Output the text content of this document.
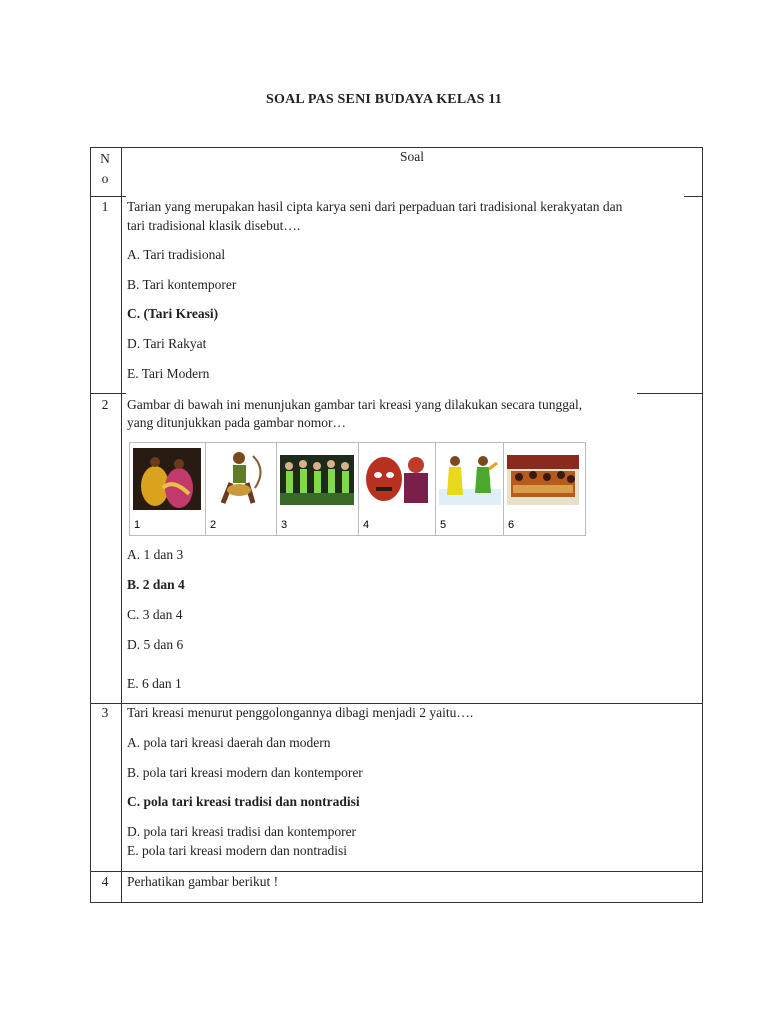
SOAL PAS SENI BUDAYA KELAS 11
N
o
Soal
1	Tarian yang merupakan hasil cipta karya seni dari perpaduan tari tradisional kerakyatan dan
tari tradisional klasik disebut….
A. Tari tradisional
B. Tari kontemporer
C. (Tari Kreasi)
D. Tari Rakyat
E. Tari Modern
2	Gambar di bawah ini menunjukan gambar tari kreasi yang dilakukan secara tunggal,
yang ditunjukkan pada gambar nomor…
1	2	3	4	5	6
A. 1 dan 3
B. 2 dan 4
C. 3 dan 4
D. 5 dan 6
E. 6 dan 1
3	Tari kreasi menurut penggolongannya dibagi menjadi 2 yaitu….
A. pola tari kreasi daerah dan modern
B. pola tari kreasi modern dan kontemporer
C. pola tari kreasi tradisi dan nontradisi
D. pola tari kreasi tradisi dan kontemporer
E. pola tari kreasi modern dan nontradisi
4	Perhatikan gambar berikut !
